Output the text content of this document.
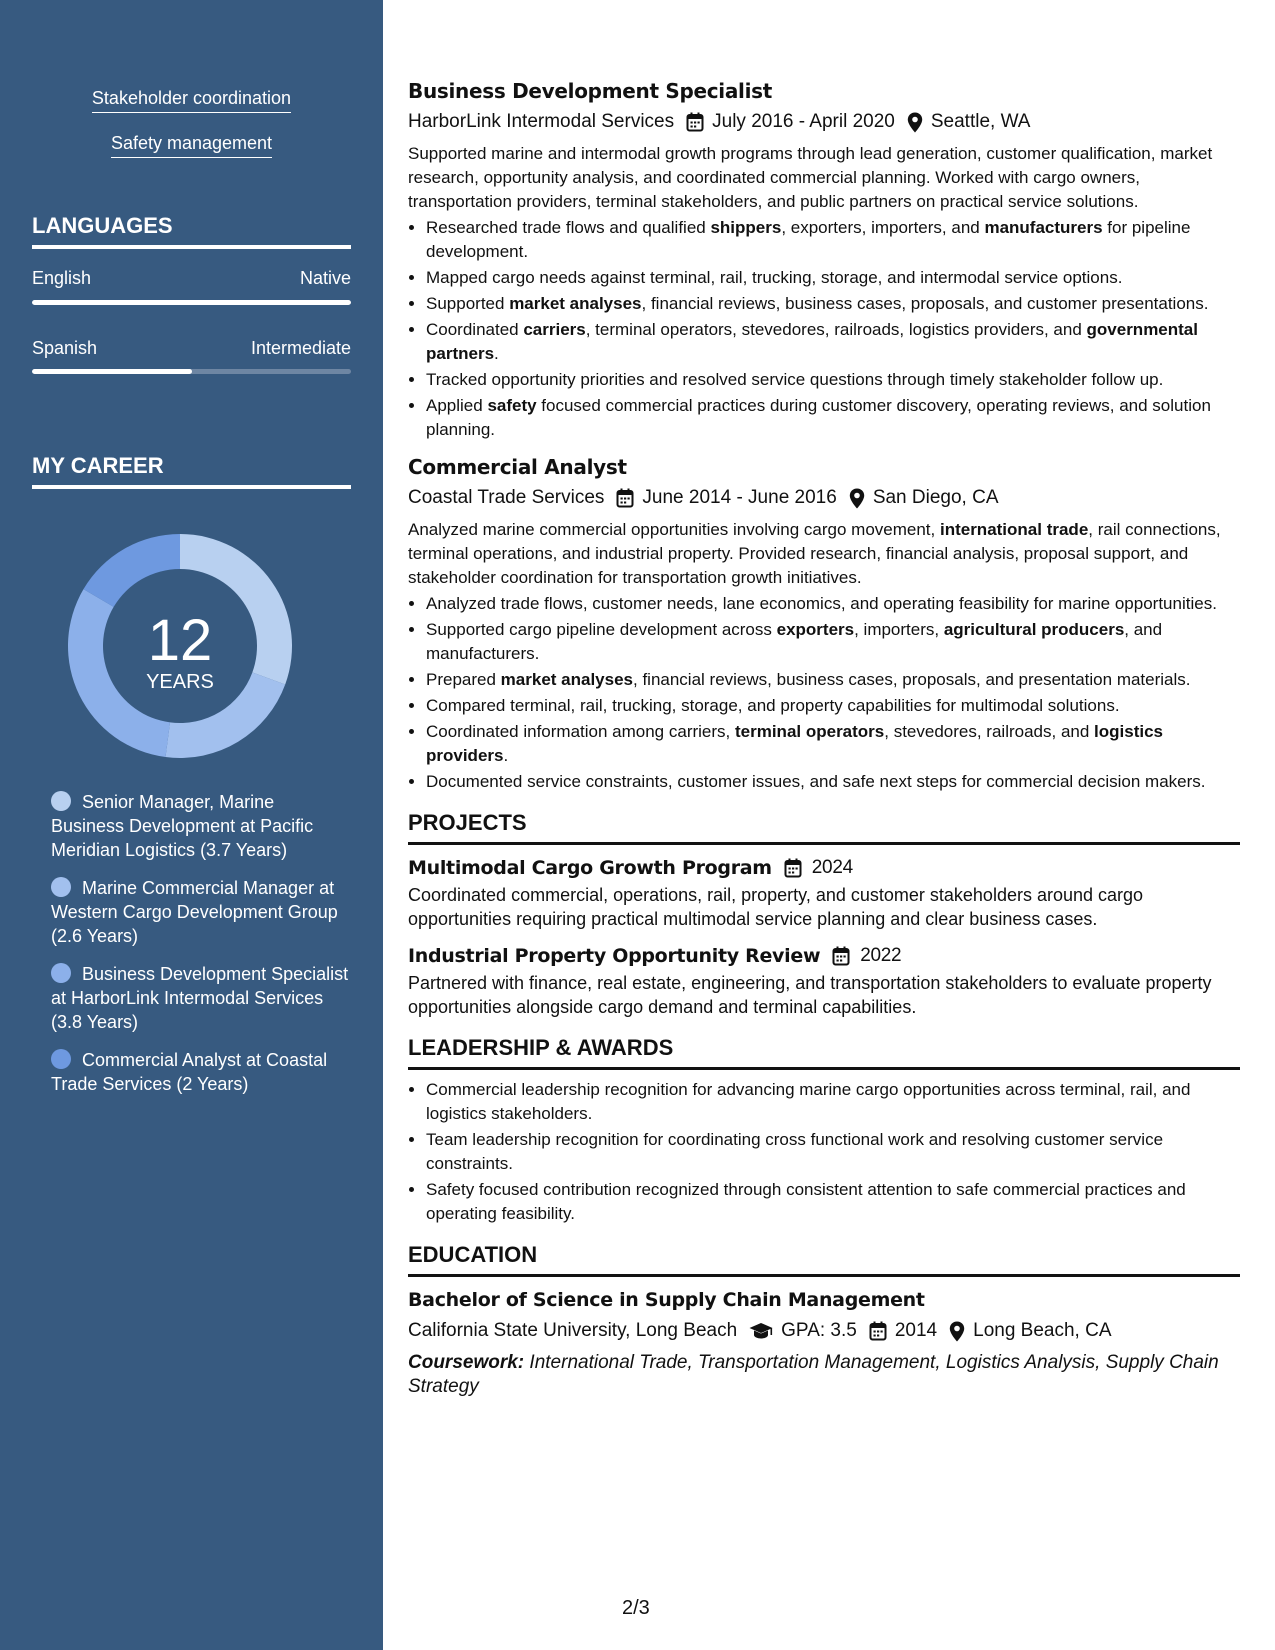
Stakeholder coordination
Safety management
LANGUAGES
English	Native
Spanish	Intermediate
MY CAREER
12
YEARS
Senior Manager, Marine Business Development at Pacific Meridian Logistics (3.7 Years)
Marine Commercial Manager at Western Cargo Development Group (2.6 Years)
Business Development Specialist at HarborLink Intermodal Services (3.8 Years)
Commercial Analyst at Coastal Trade Services (2 Years)
Business Development Specialist
HarborLink Intermodal Services July 2016 - April 2020 Seattle, WA
Supported marine and intermodal growth programs through lead generation, customer qualification, market research, opportunity analysis, and coordinated commercial planning. Worked with cargo owners, transportation providers, terminal stakeholders, and public partners on practical service solutions.
• Researched trade flows and qualified shippers, exporters, importers, and manufacturers for pipeline development.
• Mapped cargo needs against terminal, rail, trucking, storage, and intermodal service options.
• Supported market analyses, financial reviews, business cases, proposals, and customer presentations.
• Coordinated carriers, terminal operators, stevedores, railroads, logistics providers, and governmental partners.
• Tracked opportunity priorities and resolved service questions through timely stakeholder follow up.
• Applied safety focused commercial practices during customer discovery, operating reviews, and solution planning.
Commercial Analyst
Coastal Trade Services June 2014 - June 2016 San Diego, CA
Analyzed marine commercial opportunities involving cargo movement, international trade, rail connections, terminal operations, and industrial property. Provided research, financial analysis, proposal support, and stakeholder coordination for transportation growth initiatives.
• Analyzed trade flows, customer needs, lane economics, and operating feasibility for marine opportunities.
• Supported cargo pipeline development across exporters, importers, agricultural producers, and manufacturers.
• Prepared market analyses, financial reviews, business cases, proposals, and presentation materials.
• Compared terminal, rail, trucking, storage, and property capabilities for multimodal solutions.
• Coordinated information among carriers, terminal operators, stevedores, railroads, and logistics providers.
• Documented service constraints, customer issues, and safe next steps for commercial decision makers.
PROJECTS
Multimodal Cargo Growth Program 2024
Coordinated commercial, operations, rail, property, and customer stakeholders around cargo opportunities requiring practical multimodal service planning and clear business cases.
Industrial Property Opportunity Review 2022
Partnered with finance, real estate, engineering, and transportation stakeholders to evaluate property opportunities alongside cargo demand and terminal capabilities.
LEADERSHIP & AWARDS
• Commercial leadership recognition for advancing marine cargo opportunities across terminal, rail, and logistics stakeholders.
• Team leadership recognition for coordinating cross functional work and resolving customer service constraints.
• Safety focused contribution recognized through consistent attention to safe commercial practices and operating feasibility.
EDUCATION
Bachelor of Science in Supply Chain Management
California State University, Long Beach GPA: 3.5 2014 Long Beach, CA
Coursework: International Trade, Transportation Management, Logistics Analysis, Supply Chain Strategy
2/3
